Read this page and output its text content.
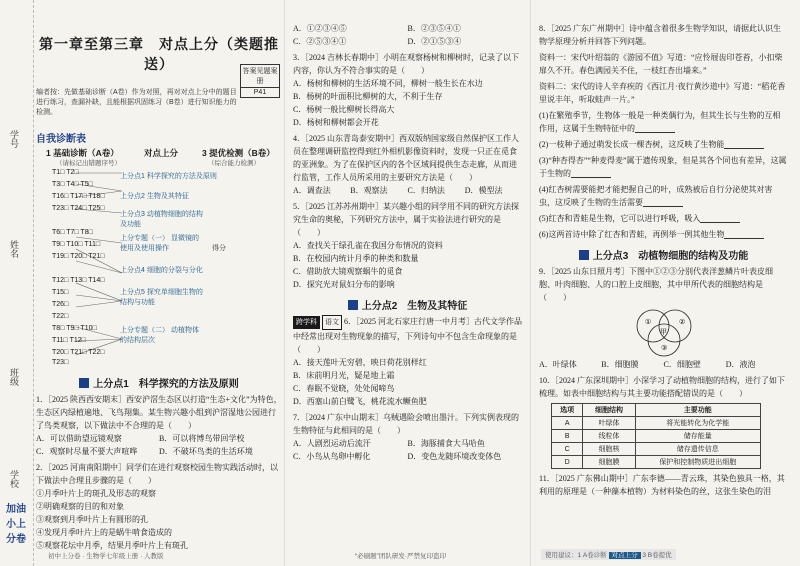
学号
姓名
班级
学校
加油小上分卷
第一章至第三章　对点上分（类题推送）
编者按：先做基础诊断（A卷）作为对照，再对对点上分中的题目进行练习，查漏补缺，且能根据巩固练习（B卷）进行知识能力的检测。
答案见题案册
P41
自我诊断表
1 基础诊断（A卷）	对点上分	3 提优检测（B卷）
（请标记出错题序号）	（综合能力检测）
T1□ T2□
T3□ T4□ T5□
T16□ T17□ T18□
T23□ T24□ T25□
T6□ T7□ T8□
T9□ T10□ T11□
T19□ T20□ T21□
T12□ T13□ T14□
T15□
T26□
T22□
T8□ T9□ T10□
T11□ T12□
T20□ T21□ T22□
T23□
上分点1 科学探究的方法及原则
上分点2 生物及其特征
上分点3 动植物细胞的结构及功能
上分专题（一） 显微镜的使用及使用操作
上分点4 细胞的分裂与分化
上分点5 探究单细胞生物的结构与功能
上分专题（二） 动植物体的结构层次
得分
上分点1　科学探究的方法及原则
1．［2025 陕西西安期末］西安沪滘生态区以打造“生态+文化”为特色，生态区内绿植遍地、飞鸟翔集。某生物兴趣小组到沪滘湿地公园进行了鸟类观察，以下做法中不合理的是（　　）
A．可以借助望远镜观察	B．可以将博鸟带回学校
C．观察时尽量不要大声喧哗	D．不破坏鸟类的生活环境
2．［2025 河南南阳期中］同学们在进行观察校园生物实践活动时，以下做法中合理且步骤的是（　　）
①月季叶片上的斑孔及形态的观察
②明确观察的目的和对象
③观察到月季叶片上有圆形的孔
④发现月季叶片上的是蜗牛啃食造成的
⑤观察花坛中月季，结果月季叶片上有斑孔
初中上分卷 · 生物学七年级上册 · 人教版
A．①②③④⑤	B．②③⑤④①
C．②⑤③④①	D．②①⑤③④
3．［2024 吉林长春期中］小明在观察杨树和柳树时，记录了以下内容，你认为不符合事实的是（　　）
A．杨树和柳树的生活环境不同，柳树一般生长在水边
B．杨树的叶面积比柳树的大，不利于生存
C．杨树一般比柳树长得高大
D．杨树和柳树都会开花
4．［2025 山东青岛泰安期中］西双版纳国家级自然保护区工作人员在整理调研监控得到红外相机影像资料时，发现一只正在觅食的亚洲象。为了在保护区内的各个区域间提供生态走廊，从而进行监管，工作人员所采用的主要研究方法是（　　）
A．调查法	B．观察法	C．归纳法	D．模型法
5．［2025 江苏苏州期中］某兴趣小组的同学用不同的研究方法探究生命的奥秘，下列研究方法中，属于实验法进行研究的是（　　）
A．查找关于绿孔雀在我国分布情况的资料
B．在校园内统计月季的种类和数量
C．借助放大镜观察蜗牛的觅食
D．探究光对鼠妇分布的影响
上分点2　生物及其特征
跨学科 语文 6．［2025 河北石家庄行唐一中月考］古代文学作品中经常出现对生物现象的描写，下列诗句中不包含生命现象的是（　　）
A．接天莲叶无穷碧，映日荷花别样红
B．床前明月光，疑是地上霜
C．春眠不觉晓，处处闻啼鸟
D．西塞山前白鹭飞，桃花流水鳜鱼肥
7．［2024 广东中山期末］乌贼遇险会喷出墨汁。下列实例表现的生物特征与此相同的是（　　）
A．人剧烈运动后流汗	B．海豚捕食大马哈鱼
C．小鸟从鸟卵中孵化	D．变色龙随环境改变体色
“必刷题”团队研发·严禁复印盗印
8．［2025 广东广州期中］诗中蕴含着很多生物学知识，请据此认识生物学原理分析并回答下列问题。
资料一：宋代叶绍翁的《游园不值》写道：“应怜屐齿印苍苔，小扣柴扉久不开。春色满园关不住，一枝红杏出墙来。”
资料二：宋代的诗人辛弃疾的《西江月·夜行黄沙道中》写道：“稻花香里说丰年，听取蛙声一片。”
(1)在繁殖季节，生物体一般是一种类偶行为，但其生长与生物的互相作用，这属于生物特征中的
(2)一枝种子通过萌发长成一棵杏树，这反映了生物能
(3)“种杏得杏”“种麦得麦”属于遗传现象，但是其各个同也有差异，这属于生物的
(4)红杏树需要能把才能把握自己的叶，成熟被后自行分泌使其对害虫，这反映了生物的生活需要
(5)红杏和青蛙是生物，它可以进行呼吸，吸入
(6)这两首诗中除了红杏和青蛙，再例举一例其他生物
上分点3　动植物细胞的结构及功能
9．［2025 山东日照月考］下图中①②③分别代表洋葱鳞片叶表皮细胞、叶肉细胞、人的口腔上皮细胞，其中甲所代表的细胞结构是（　　）
①	②
③
甲
A．叶绿体	B．细胞膜	C．细胞壁	D．液泡
10．［2024 广东深圳期中］小深学习了动植物细胞的结构，进行了如下梳理。如表中细胞结构与其主要功能搭配错误的是（　　）
选项	细胞结构	主要功能
A	叶绿体	将光能转化为化学能
B	线粒体	储存能量
C	细胞核	储存遗传信息
D	细胞膜	保护和控制物质进出细胞
11．［2025 广东佛山期中］广东李德——青云珠，其染色独具一格，其利用的原理是（一种藻本植物）为材料染色的丝，这张生染色的泪
使用建议：1 A卷诊断 对点上分 3 B卷提优
